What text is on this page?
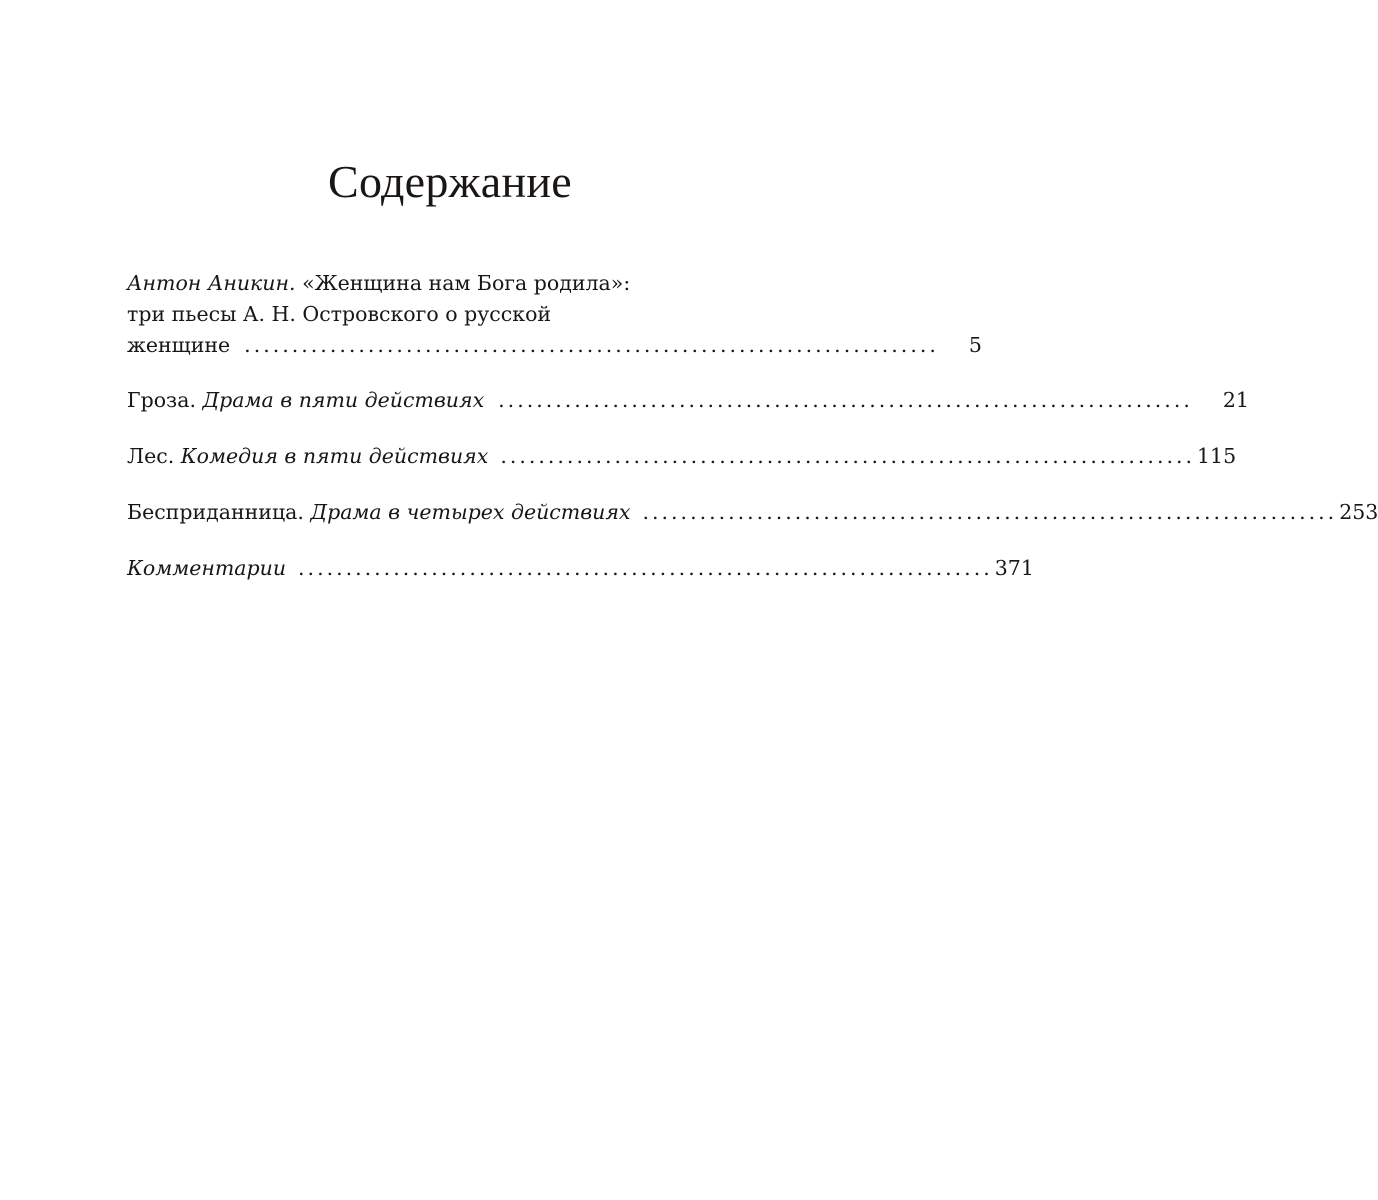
Содержание
Антон Аникин. «Женщина нам Бога родила»:
три пьесы А. Н. Островского о русской
женщине .........................................................................	5
Гроза. Драма в пяти действиях .........................................................................	21
Лес. Комедия в пяти действиях ......................................................................... 115
Бесприданница. Драма в четырех действиях ......................................................................... 253
Комментарии ......................................................................... 371
